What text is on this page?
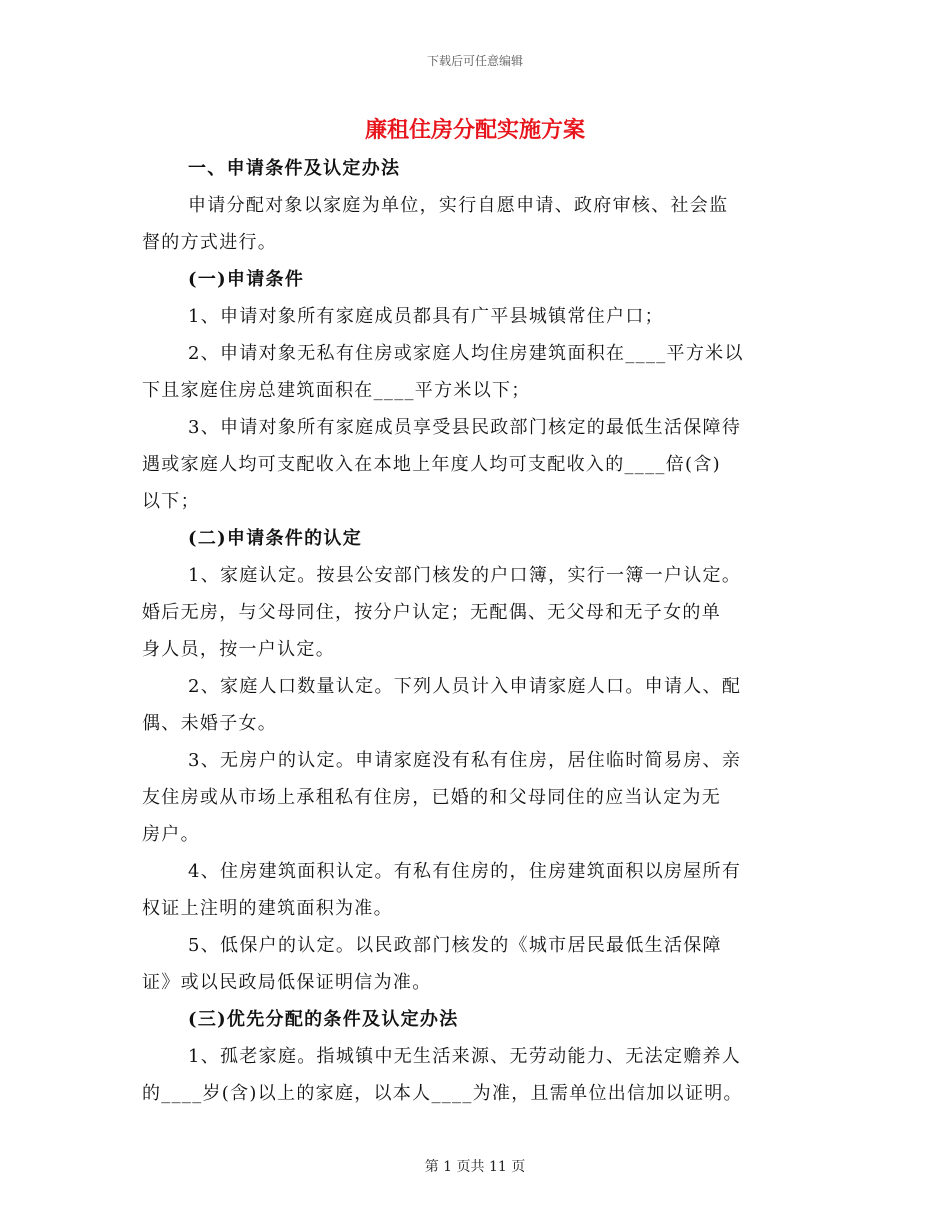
下载后可任意编辑
廉租住房分配实施方案
一、申请条件及认定办法
申请分配对象以家庭为单位，实行自愿申请、政府审核、社会监
督的方式进行。
(一)申请条件
1、申请对象所有家庭成员都具有广平县城镇常住户口；
2、申请对象无私有住房或家庭人均住房建筑面积在____平方米以
下且家庭住房总建筑面积在____平方米以下；
3、申请对象所有家庭成员享受县民政部门核定的最低生活保障待
遇或家庭人均可支配收入在本地上年度人均可支配收入的____倍(含)
以下；
(二)申请条件的认定
1、家庭认定。按县公安部门核发的户口簿，实行一簿一户认定。
婚后无房，与父母同住，按分户认定；无配偶、无父母和无子女的单
身人员，按一户认定。
2、家庭人口数量认定。下列人员计入申请家庭人口。申请人、配
偶、未婚子女。
3、无房户的认定。申请家庭没有私有住房，居住临时简易房、亲
友住房或从市场上承租私有住房，已婚的和父母同住的应当认定为无
房户。
4、住房建筑面积认定。有私有住房的，住房建筑面积以房屋所有
权证上注明的建筑面积为准。
5、低保户的认定。以民政部门核发的《城市居民最低生活保障
证》或以民政局低保证明信为准。
(三)优先分配的条件及认定办法
1、孤老家庭。指城镇中无生活来源、无劳动能力、无法定赡养人
的____岁(含)以上的家庭，以本人____为准，且需单位出信加以证明。
第 1 页共 11 页
